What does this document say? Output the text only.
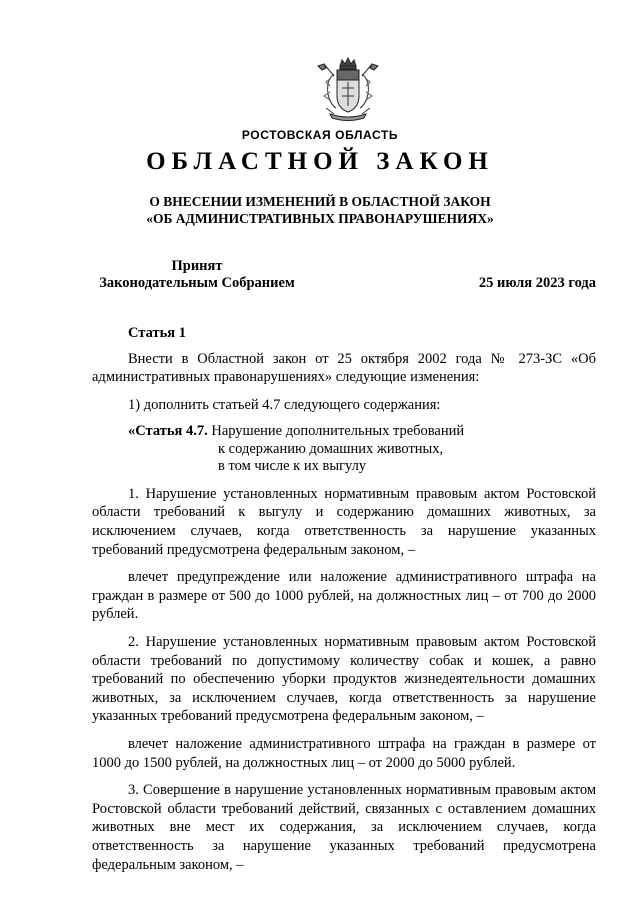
РОСТОВСКАЯ ОБЛАСТЬ
ОБЛАСТНОЙ ЗАКОН
О ВНЕСЕНИИ ИЗМЕНЕНИЙ В ОБЛАСТНОЙ ЗАКОН
«ОБ АДМИНИСТРАТИВНЫХ ПРАВОНАРУШЕНИЯХ»
Принят
Законодательным Собранием	25 июля 2023 года

Статья 1

Внести в Областной закон от 25 октября 2002 года № 273-ЗС «Об административных правонарушениях» следующие изменения:

1) дополнить статьей 4.7 следующего содержания:

«Статья 4.7. Нарушение дополнительных требований
к содержанию домашних животных,
в том числе к их выгулу

1. Нарушение установленных нормативным правовым актом Ростовской области требований к выгулу и содержанию домашних животных, за исключением случаев, когда ответственность за нарушение указанных требований предусмотрена федеральным законом, –

влечет предупреждение или наложение административного штрафа на граждан в размере от 500 до 1000 рублей, на должностных лиц – от 700 до 2000 рублей.

2. Нарушение установленных нормативным правовым актом Ростовской области требований по допустимому количеству собак и кошек, а равно требований по обеспечению уборки продуктов жизнедеятельности домашних животных, за исключением случаев, когда ответственность за нарушение указанных требований предусмотрена федеральным законом, –

влечет наложение административного штрафа на граждан в размере от 1000 до 1500 рублей, на должностных лиц – от 2000 до 5000 рублей.

3. Совершение в нарушение установленных нормативным правовым актом Ростовской области требований действий, связанных с оставлением домашних животных вне мест их содержания, за исключением случаев, когда ответственность за нарушение указанных требований предусмотрена федеральным законом, –
